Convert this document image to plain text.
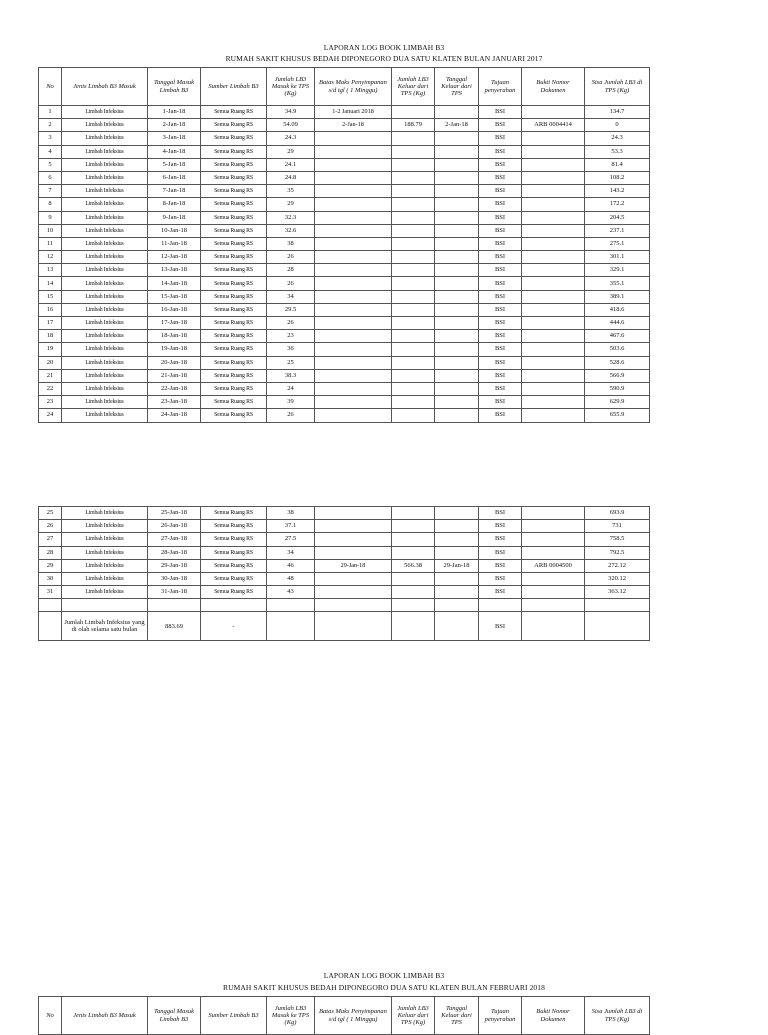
LAPORAN LOG BOOK LIMBAH B3
RUMAH SAKIT KHUSUS BEDAH DIPONEGORO DUA SATU KLATEN BULAN JANUARI 2017
No	Jenis Limbah B3 Masuk	Tanggal Masuk Limbah B3	Sumber Limbah B3	Jumlah LB3 Masuk ke TPS (Kg)	Batas Maks Penyimpanan s/d tgl ( 1 Minggu)	Jumlah LB3 Keluar dari TPS (Kg)	Tanggal Keluar dari TPS	Tujuan penyerahan	Bukti Nomor Dokumen	Sisa Jumlah LB3 di TPS (Kg)
1	Limbah Infeksius	1-Jan-18	Semua Ruang RS	34.9	1-2 Januari 2018			BSI		134.7
2	Limbah Infeksius	2-Jan-18	Semua Ruang RS	54.09	2-Jan-18	188.79	2-Jan-18	BSI	ARB 0004414	0
3	Limbah Infeksius	3-Jan-18	Semua Ruang RS	24.3				BSI		24.3
4	Limbah Infeksius	4-Jan-18	Semua Ruang RS	29				BSI		53.3
5	Limbah Infeksius	5-Jan-18	Semua Ruang RS	24.1				BSI		81.4
6	Limbah Infeksius	6-Jan-18	Semua Ruang RS	24.8				BSI		108.2
7	Limbah Infeksius	7-Jan-18	Semua Ruang RS	35				BSI		143.2
8	Limbah Infeksius	8-Jan-18	Semua Ruang RS	29				BSI		172.2
9	Limbah Infeksius	9-Jan-18	Semua Ruang RS	32.3				BSI		204.5
10	Limbah Infeksius	10-Jan-18	Semua Ruang RS	32.6				BSI		237.1
11	Limbah Infeksius	11-Jan-18	Semua Ruang RS	38				BSI		275.1
12	Limbah Infeksius	12-Jan-18	Semua Ruang RS	26				BSI		301.1
13	Limbah Infeksius	13-Jan-18	Semua Ruang RS	28				BSI		329.1
14	Limbah Infeksius	14-Jan-18	Semua Ruang RS	26				BSI		355.1
15	Limbah Infeksius	15-Jan-18	Semua Ruang RS	34				BSI		389.1
16	Limbah Infeksius	16-Jan-18	Semua Ruang RS	29.5				BSI		418.6
17	Limbah Infeksius	17-Jan-18	Semua Ruang RS	26				BSI		444.6
18	Limbah Infeksius	18-Jan-18	Semua Ruang RS	23				BSI		467.6
19	Limbah Infeksius	19-Jan-18	Semua Ruang RS	36				BSI		503.6
20	Limbah Infeksius	20-Jan-18	Semua Ruang RS	25				BSI		528.6
21	Limbah Infeksius	21-Jan-18	Semua Ruang RS	38.3				BSI		566.9
22	Limbah Infeksius	22-Jan-18	Semua Ruang RS	24				BSI		590.9
23	Limbah Infeksius	23-Jan-18	Semua Ruang RS	39				BSI		629.9
24	Limbah Infeksius	24-Jan-18	Semua Ruang RS	26				BSI		655.9
25	Limbah Infeksius	25-Jan-18	Semua Ruang RS	38				BSI		693.9
26	Limbah Infeksius	26-Jan-18	Semua Ruang RS	37.1				BSI		731
27	Limbah Infeksius	27-Jan-18	Semua Ruang RS	27.5				BSI		758.5
28	Limbah Infeksius	28-Jan-18	Semua Ruang RS	34				BSI		792.5
29	Limbah Infeksius	29-Jan-18	Semua Ruang RS	46	29-Jan-18	566.38	29-Jan-18	BSI	ARB 0004500	272.12
30	Limbah Infeksius	30-Jan-18	Semua Ruang RS	48				BSI		320.12
31	Limbah Infeksius	31-Jan-18	Semua Ruang RS	43				BSI		363.12

	Jumlah Limbah Infeksius yang di olah selama satu bulan	883.69	-					BSI		
LAPORAN LOG BOOK LIMBAH B3
RUMAH SAKIT KHUSUS BEDAH DIPONEGORO DUA SATU KLATEN BULAN FEBRUARI 2018
No	Jenis Limbah B3 Masuk	Tanggal Masuk Limbah B3	Sumber Limbah B3	Jumlah LB3 Masuk ke TPS (Kg)	Batas Maks Penyimpanan s/d tgl ( 1 Minggu)	Jumlah LB3 Keluar dari TPS (Kg)	Tanggal Keluar dari TPS	Tujuan penyerahan	Bukti Nomor Dokumen	Sisa Jumlah LB3 di TPS (Kg)
